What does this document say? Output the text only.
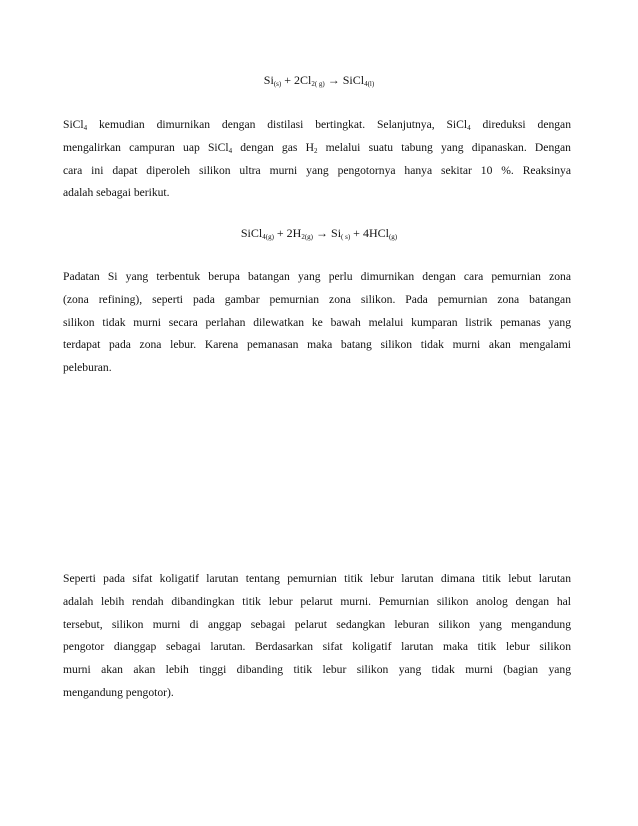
$Si_{(s)} + 2Cl_{2( g)}$ → SiCl$_{4(l)}$
SiCl$_4$ kemudian dimurnikan dengan distilasi bertingkat. Selanjutnya, SiCl$_4$ direduksi dengan
mengalirkan campuran uap SiCl$_4$ dengan gas $H_2$ melalui suatu tabung yang dipanaskan. Dengan
cara ini dapat diperoleh silikon ultra murni yang pengotornya hanya sekitar 10 %. Reaksinya
adalah sebagai berikut.
SiCl$_{4(g)}$ + $2H_{2(g)} \to Si_{( s)} + 4HCl_{(g)}$
Padatan Si yang terbentuk berupa batangan yang perlu dimurnikan dengan cara pemurnian zona
(zona refining), seperti pada gambar pemurnian zona silikon. Pada pemurnian zona batangan
silikon tidak murni secara perlahan dilewatkan ke bawah melalui kumparan listrik pemanas yang
terdapat pada zona lebur. Karena pemanasan maka batang silikon tidak murni akan mengalami
peleburan.
Seperti pada sifat koligatif larutan tentang pemurnian titik lebur larutan dimana titik lebut larutan
adalah lebih rendah dibandingkan titik lebur pelarut murni. Pemurnian silikon anolog dengan hal
tersebut, silikon murni di anggap sebagai pelarut sedangkan leburan silikon yang mengandung
pengotor dianggap sebagai larutan. Berdasarkan sifat koligatif larutan maka titik lebur silikon
murni akan akan lebih tinggi dibanding titik lebur silikon yang tidak murni (bagian yang
mengandung pengotor).
